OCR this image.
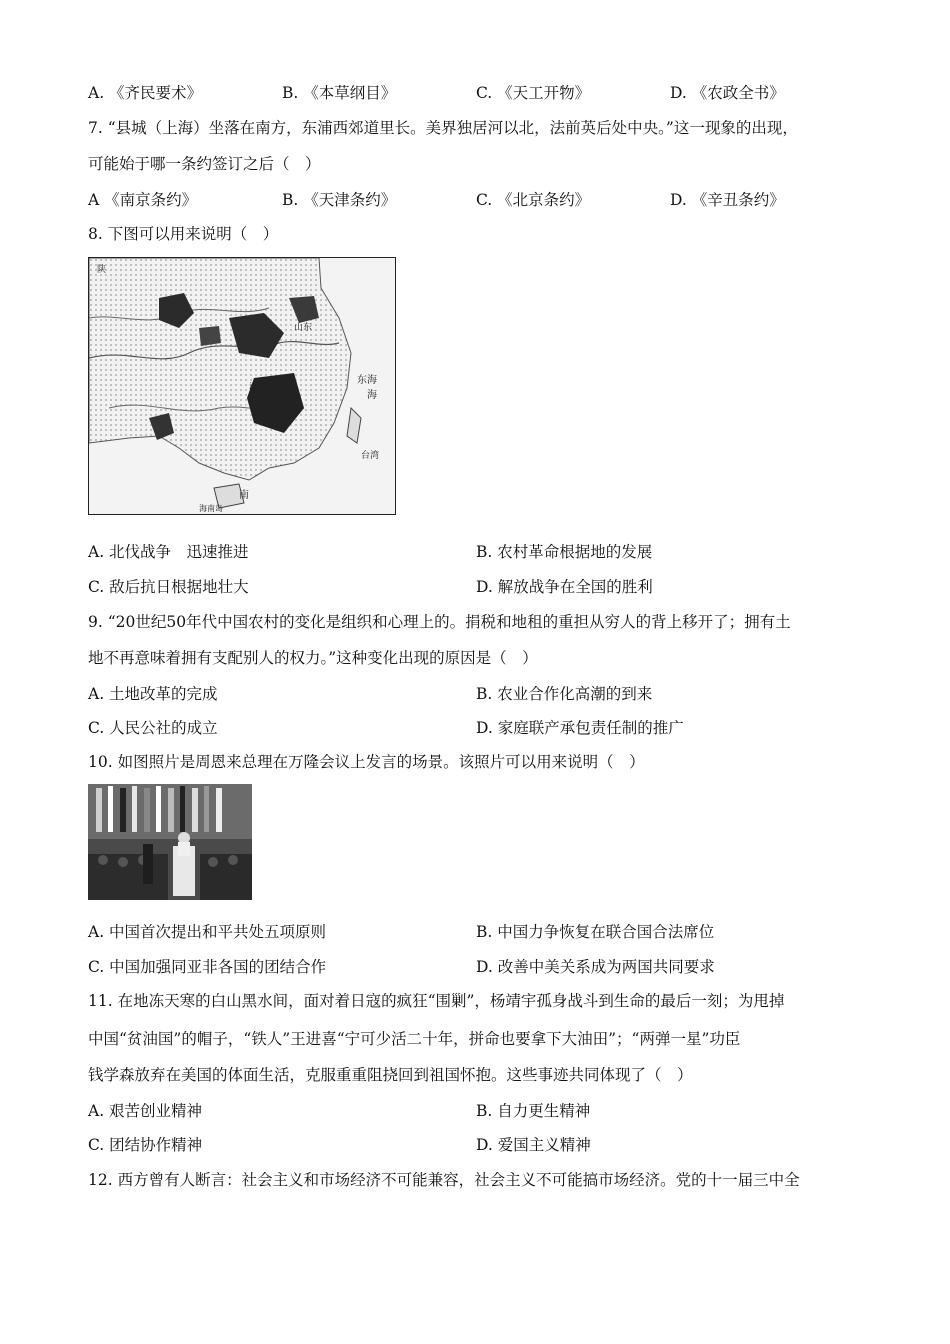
A. 《齐民要术》	B. 《本草纲目》	C. 《天工开物》	D. 《农政全书》
7. “县城（上海）坐落在南方，东浦西郊道里长。美界独居河以北，法前英后处中央。”这一现象的出现，
可能始于哪一条约签订之后（　）
A 《南京条约》	B. 《天津条约》	C. 《北京条约》	D. 《辛丑条约》
8. 下图可以用来说明（　）
陕
山东
湖南
东海
海
台湾
南
海南岛
A. 北伐战争　迅速推进	B. 农村革命根据地的发展
C. 敌后抗日根据地壮大	D. 解放战争在全国的胜利
9. “20世纪50年代中国农村的变化是组织和心理上的。捐税和地租的重担从穷人的背上移开了；拥有土
地不再意味着拥有支配别人的权力。”这种变化出现的原因是（　）
A. 土地改革的完成	B. 农业合作化高潮的到来
C. 人民公社的成立	D. 家庭联产承包责任制的推广
10. 如图照片是周恩来总理在万隆会议上发言的场景。该照片可以用来说明（　）
A. 中国首次提出和平共处五项原则	B. 中国力争恢复在联合国合法席位
C. 中国加强同亚非各国的团结合作	D. 改善中美关系成为两国共同要求
11. 在地冻天寒的白山黑水间，面对着日寇的疯狂“围剿”，杨靖宇孤身战斗到生命的最后一刻；为甩掉
中国“贫油国”的帽子，“铁人”王进喜“宁可少活二十年，拼命也要拿下大油田”；“两弹一星”功臣
钱学森放弃在美国的体面生活，克服重重阻挠回到祖国怀抱。这些事迹共同体现了（　）
A. 艰苦创业精神	B. 自力更生精神
C. 团结协作精神	D. 爱国主义精神
12. 西方曾有人断言：社会主义和市场经济不可能兼容，社会主义不可能搞市场经济。党的十一届三中全
